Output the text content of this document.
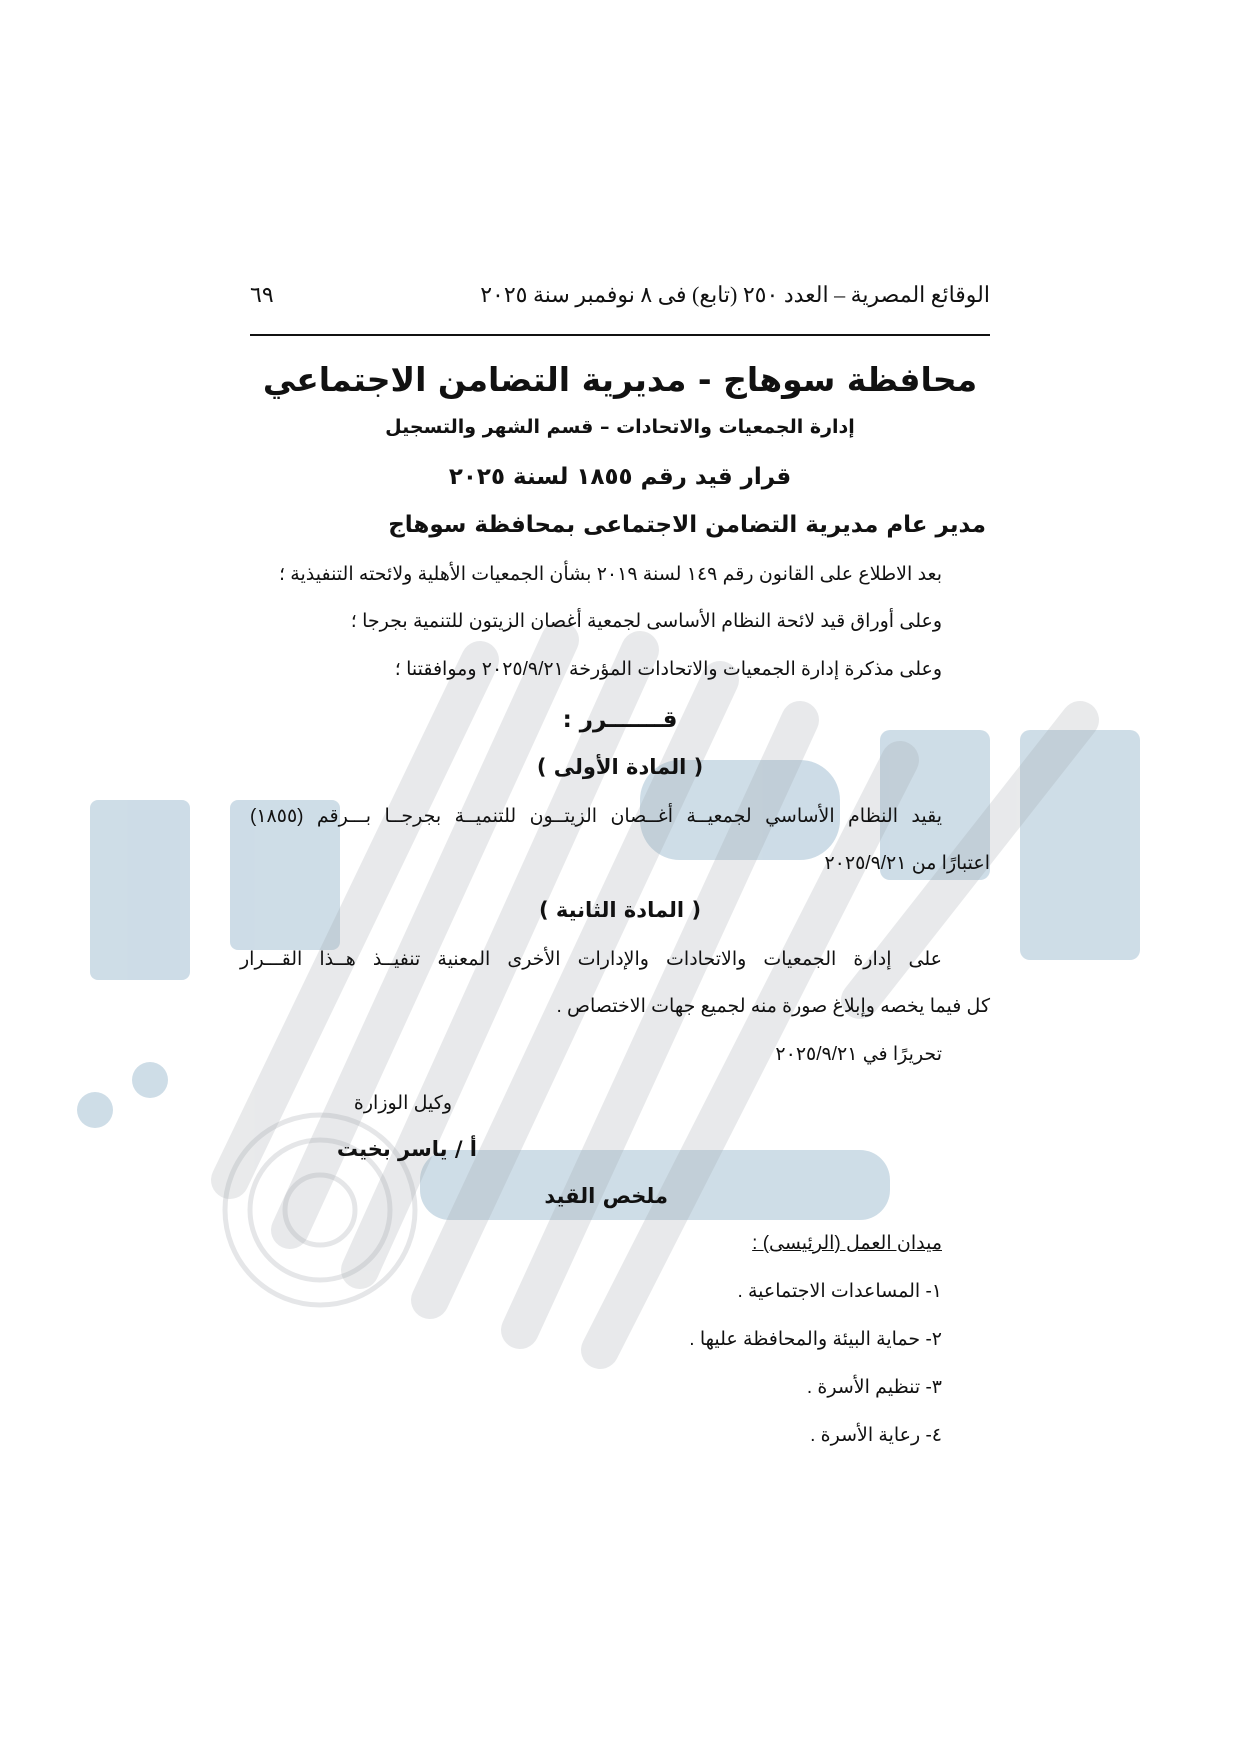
الوقائع المصرية – العدد ٢٥٠ (تابع) فى ٨ نوفمبر سنة ٢٠٢٥
٦٩
محافظة سوهاج - مديرية التضامن الاجتماعي
إدارة الجمعيات والاتحادات – قسم الشهر والتسجيل
قرار قيد رقم ١٨٥٥ لسنة ٢٠٢٥
مدير عام مديرية التضامن الاجتماعى بمحافظة سوهاج
بعد الاطلاع على القانون رقم ١٤٩ لسنة ٢٠١٩ بشأن الجمعيات الأهلية ولائحته التنفيذية ؛
وعلى أوراق قيد لائحة النظام الأساسى لجمعية أغصان الزيتون للتنمية بجرجا ؛
وعلى مذكرة إدارة الجمعيات والاتحادات المؤرخة ٢٠٢٥/٩/٢١ وموافقتنا ؛
قـــــــرر :
( المادة الأولى )
يقيد النظام الأساسي لجمعيــة أغــصان الزيتــون للتنميــة بجرجــا بـــرقم (١٨٥٥)
اعتبارًا من ٢٠٢٥/٩/٢١
( المادة الثانية )
على إدارة الجمعيات والاتحادات والإدارات الأخرى المعنية تنفيــذ هــذا القـــرار
كل فيما يخصه وإبلاغ صورة منه لجميع جهات الاختصاص .
تحريرًا في ٢٠٢٥/٩/٢١
وكيل الوزارة
أ / ياسر بخيت
ملخص القيد
ميدان العمل (الرئيسى) :
١- المساعدات الاجتماعية .
٢- حماية البيئة والمحافظة عليها .
٣- تنظيم الأسرة .
٤- رعاية الأسرة .
